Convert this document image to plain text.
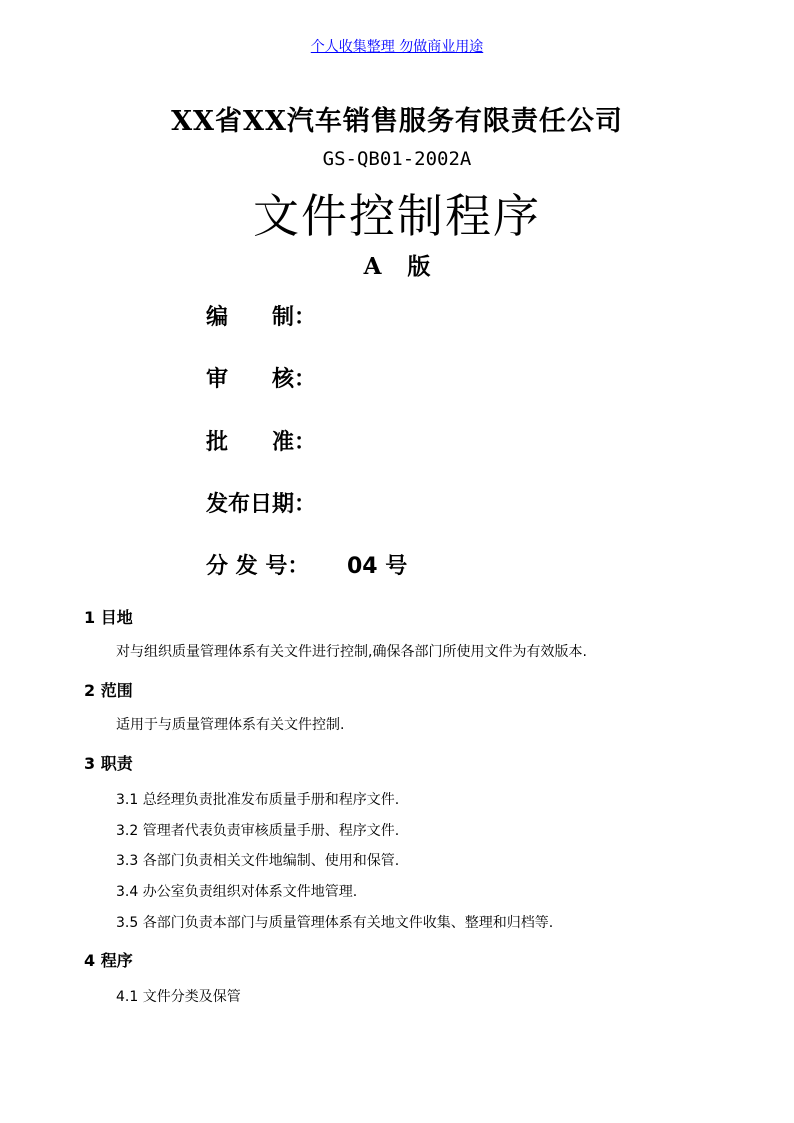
个人收集整理 勿做商业用途
XX省XX汽车销售服务有限责任公司
GS-QB01-2002A
文件控制程序
A 版
编　　制：
审　　核：
批　　准：
发布日期：
分 发 号： 04 号
1 目地
对与组织质量管理体系有关文件进行控制,确保各部门所使用文件为有效版本.
2 范围
适用于与质量管理体系有关文件控制.
3 职责
3.1 总经理负责批准发布质量手册和程序文件.
3.2 管理者代表负责审核质量手册、程序文件.
3.3 各部门负责相关文件地编制、使用和保管.
3.4 办公室负责组织对体系文件地管理.
3.5 各部门负责本部门与质量管理体系有关地文件收集、整理和归档等.
4 程序
4.1 文件分类及保管
